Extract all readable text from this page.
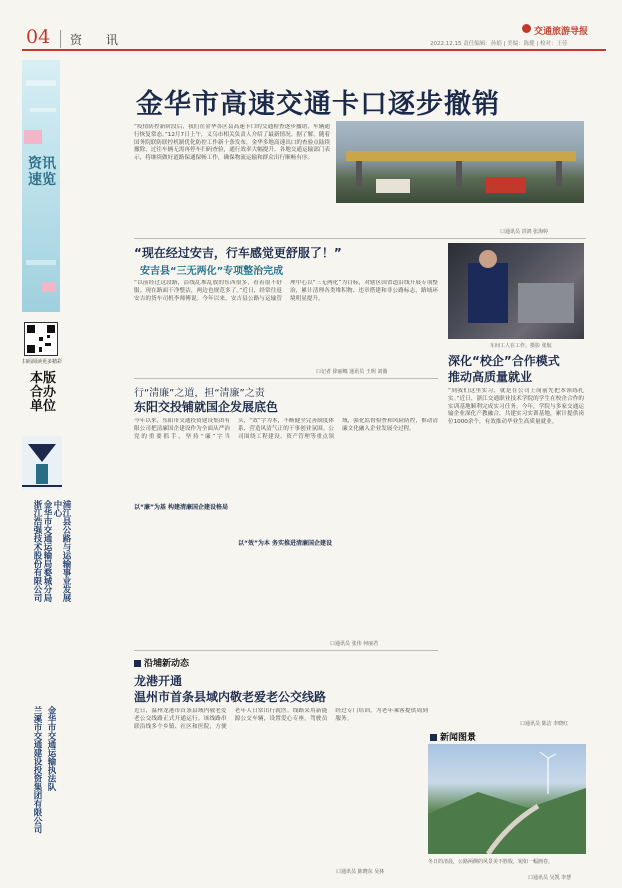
04 资 讯
交通旅游导报
2022.12.15 责任编辑：孙娟 | 美编：陈健 | 校对：王佳
资讯速览
扫码阅读更多精彩
本版合办单位
浦江县公路与运输事业发展中心
金华市交通运输局婺城分局
浙江浩强技术股份有限公司
金华市交通运输执法队
兰溪市交通建设投资集团有限公司
金华市高速交通卡口逐步撤销
“疫情防控新阶段后，我们在金华各区县高速卡口的交通检查逐步撤销，车辆通行恢复常态。”12月7日上午，义乌市相关负责人介绍了最新情况。据了解，随着国务院联防联控机制优化防控工作新十条发布，金华多地高速出口的查验点陆续撤除，过往车辆无需再停车扫码查验，通行效率大幅提升。各地交通运输部门表示，将继续做好道路保通保畅工作，确保物流运输和群众出行顺畅有序。
口通讯员 洪鸿 张海婷
“现在经过安吉，行车感觉更舒服了！”
安吉县“三无两化”专项整治完成
“以前经过这段路，沿线乱堆乱放的东西很多，看着很不舒服。现在路面干净整洁，两边也规范多了。”近日，经常往返安吉的货车司机李师傅说。今年以来，安吉县公路与运输管理中心以“三无两化”为目标，对辖区国省道沿线开展专项整治，累计清理各类堆积物、违章搭建和非公路标志，路域环境明显提升。
口记者 徐丽娜 通讯员 王明 刘薇
车间工人在工作。摄影 张航
行“清廉”之道，担“清廉”之责
东阳交投铺就国企发展底色
今年以来，东阳市交通投资建设集团有限公司把清廉国企建设作为全面从严治党的重要抓手，坚持“廉”字当头，“效”字为本，不断健全完善制度体系，营造风清气正的干事创业氛围。公司围绕工程建设、资产管理等重点领域，强化监督检查和风险防控，推动清廉文化融入企业发展全过程。
以“廉”为基 构建清廉国企建设格局
以“效”为本 务实推进清廉国企建设
口通讯员 张伟 何丽君
深化“校企”合作模式
推动高质量就业
“到我们这里实习，就是在公司上岗前先把本领练扎实。”近日，浙江交通职业技术学院的学生在校企合作的实训基地顺利完成实习任务。今年，学院与多家交通运输企业深化产教融合，共建实习实训基地，累计提供岗位1000余个，有效推动毕业生高质量就业。
口通讯员 陈洁 李晓红
沿埔新动态
龙港开通
温州市首条县域内敬老爱老公交线路
近日，温州龙港市首条县域内敬老爱老公交线路正式开通运行。该线路串联沿线多个乡镇、社区和医院，方便老年人日常出行就医。线路采用新能源公交车辆，设置爱心专座，驾驶员经过专门培训，为老年乘客提供周到服务。
口通讯员 陈晓东 吴林
新闻图景
冬日的清晨，公路两侧的风景美不胜收，宛如一幅画卷。
口通讯员 吴凯 李慧
